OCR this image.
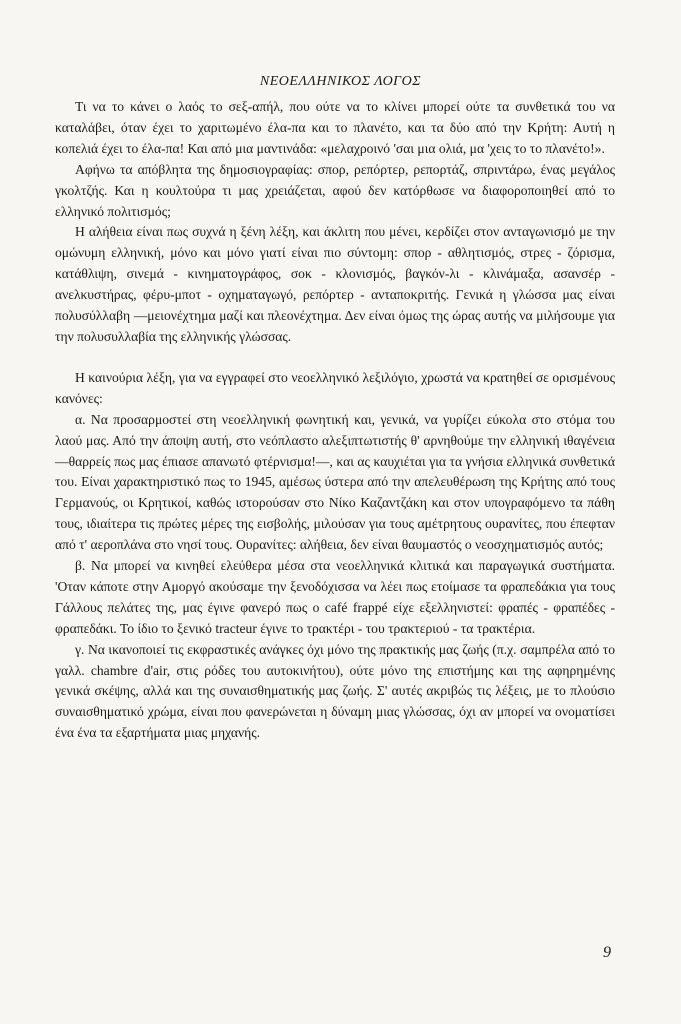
ΝΕΟΕΛΛΗΝΙΚΟΣ ΛΟΓΟΣ

Τι να το κάνει ο λαός το σεξ-απήλ, που ούτε να το κλίνει μπορεί ούτε τα συνθετικά του να καταλάβει, όταν έχει το χαριτωμένο έλα-πα και το πλανέτο, και τα δύο από την Κρήτη: Αυτή η κοπελιά έχει το έλα-πα! Και από μια μαντινάδα: «μελαχροινό 'σαι μια ολιά, μα 'χεις το το πλανέτο!».

Αφήνω τα απόβλητα της δημοσιογραφίας: σπορ, ρεπόρτερ, ρεπορτάζ, σπριντάρω, ένας μεγάλος γκολτζής. Και η κουλτούρα τι μας χρειάζεται, αφού δεν κατόρθωσε να διαφοροποιηθεί από το ελληνικό πολιτισμός;

Η αλήθεια είναι πως συχνά η ξένη λέξη, και άκλιτη που μένει, κερδίζει στον ανταγωνισμό με την ομώνυμη ελληνική, μόνο και μόνο γιατί είναι πιο σύντομη: σπορ - αθλητισμός, στρες - ζόρισμα, κατάθλιψη, σινεμά - κινηματογράφος, σοκ - κλονισμός, βαγκόν-λι - κλινάμαξα, ασανσέρ - ανελκυστήρας, φέρυ-μποτ - οχηματαγωγό, ρεπόρτερ - ανταποκριτής. Γενικά η γλώσσα μας είναι πολυσύλλαβη —μειονέχτημα μαζί και πλεονέχτημα. Δεν είναι όμως της ώρας αυτής να μιλήσουμε για την πολυσυλλαβία της ελληνικής γλώσσας.

Η καινούρια λέξη, για να εγγραφεί στο νεοελληνικό λεξιλόγιο, χρωστά να κρατηθεί σε ορισμένους κανόνες:

α. Να προσαρμοστεί στη νεοελληνική φωνητική και, γενικά, να γυρίζει εύκολα στο στόμα του λαού μας. Από την άποψη αυτή, στο νεόπλαστο αλεξιπτωτιστής θ' αρνηθούμε την ελληνική ιθαγένεια —θαρρείς πως μας έπιασε απανωτό φτέρνισμα!—, και ας καυχιέται για τα γνήσια ελληνικά συνθετικά του. Είναι χαρακτηριστικό πως το 1945, αμέσως ύστερα από την απελευθέρωση της Κρήτης από τους Γερμανούς, οι Κρητικοί, καθώς ιστορούσαν στο Νίκο Καζαντζάκη και στον υπογραφόμενο τα πάθη τους, ιδιαίτερα τις πρώτες μέρες της εισβολής, μιλούσαν για τους αμέτρητους ουρανίτες, που έπεφταν από τ' αεροπλάνα στο νησί τους. Ουρανίτες: αλήθεια, δεν είναι θαυμαστός ο νεοσχηματισμός αυτός;

β. Να μπορεί να κινηθεί ελεύθερα μέσα στα νεοελληνικά κλιτικά και παραγωγικά συστήματα. 'Οταν κάποτε στην Αμοργό ακούσαμε την ξενοδόχισσα να λέει πως ετοίμασε τα φραπεδάκια για τους Γάλλους πελάτες της, μας έγινε φανερό πως ο café frappé είχε εξελληνιστεί: φραπές - φραπέδες - φραπεδάκι. Το ίδιο το ξενικό tracteur έγινε το τρακτέρι - του τρακτεριού - τα τρακτέρια.

γ. Να ικανοποιεί τις εκφραστικές ανάγκες όχι μόνο της πρακτικής μας ζωής (π.χ. σαμπρέλα από το γαλλ. chambre d'air, στις ρόδες του αυτοκινήτου), ούτε μόνο της επιστήμης και της αφηρημένης γενικά σκέψης, αλλά και της συναισθηματικής μας ζωής. Σ' αυτές ακριβώς τις λέξεις, με το πλούσιο συναισθηματικό χρώμα, είναι που φανερώνεται η δύναμη μιας γλώσσας, όχι αν μπορεί να ονοματίσει ένα ένα τα εξαρτήματα μιας μηχανής.

9
